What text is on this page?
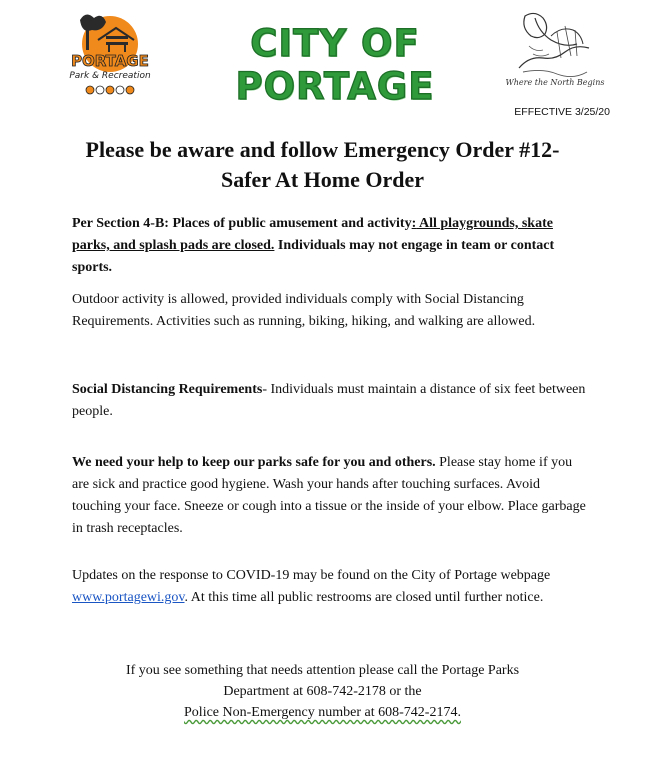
PORTAGE
Park & Recreation
CITY OF PORTAGE	Where the North Begins
EFFECTIVE 3/25/20
Please be aware and follow Emergency Order #12-
Safer At Home Order
Per Section 4-B: Places of public amusement and activity: All playgrounds, skate parks, and splash pads are closed. Individuals may not engage in team or contact sports.
Outdoor activity is allowed, provided individuals comply with Social Distancing Requirements. Activities such as running, biking, hiking, and walking are allowed.
Social Distancing Requirements- Individuals must maintain a distance of six feet between people.
We need your help to keep our parks safe for you and others. Please stay home if you are sick and practice good hygiene. Wash your hands after touching surfaces. Avoid touching your face. Sneeze or cough into a tissue or the inside of your elbow. Place garbage in trash receptacles.
Updates on the response to COVID-19 may be found on the City of Portage webpage www.portagewi.gov. At this time all public restrooms are closed until further notice.
If you see something that needs attention please call the Portage Parks
Department at 608-742-2178 or the
Police Non-Emergency number at 608-742-2174.
